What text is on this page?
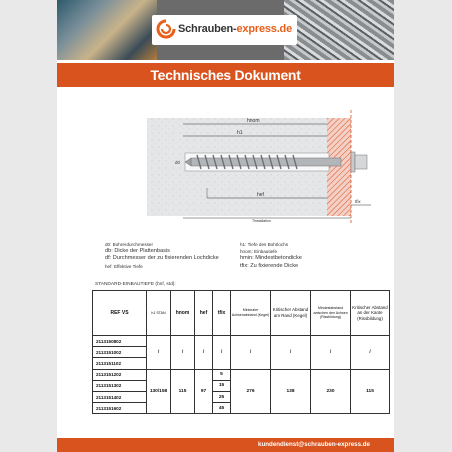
Schrauben-express.de
Technisches Dokument
hnom
h1
hef
tfix
Tinstallation
d0
d0: Bohrerdurchmesser
db: Dicke der Plattenbasis
df: Durchmesser der zu fixierenden Lochdicke
hef: Effektive Tiefe
h1: Tiefe des Bohrlochs
hnom: Einbautiefe
hmin: Mindestbetondicke
tfix: Zu fixierende Dicke
STANDARD-EINBAUTIEFE (hnf, std):
REF VS	h1 STAN	hnom	hef	tfix	Minimaler Achsenabstand (Kegel)	Kritischer Abstand am Rand (Kegel)	Mindestabstand zwischen den Achsen (Rissbildung)	Kritischer Abstand an der Kante (Rissbildung)
2113150802	/	/	/	/	/	/	/	/
2113151002								
2113151102								
2113151202	130/158	115	97	5	276	138	230	115
2113151302				15				
2113151402				25				
2113151602				45				
kundendienst@schrauben-express.de
